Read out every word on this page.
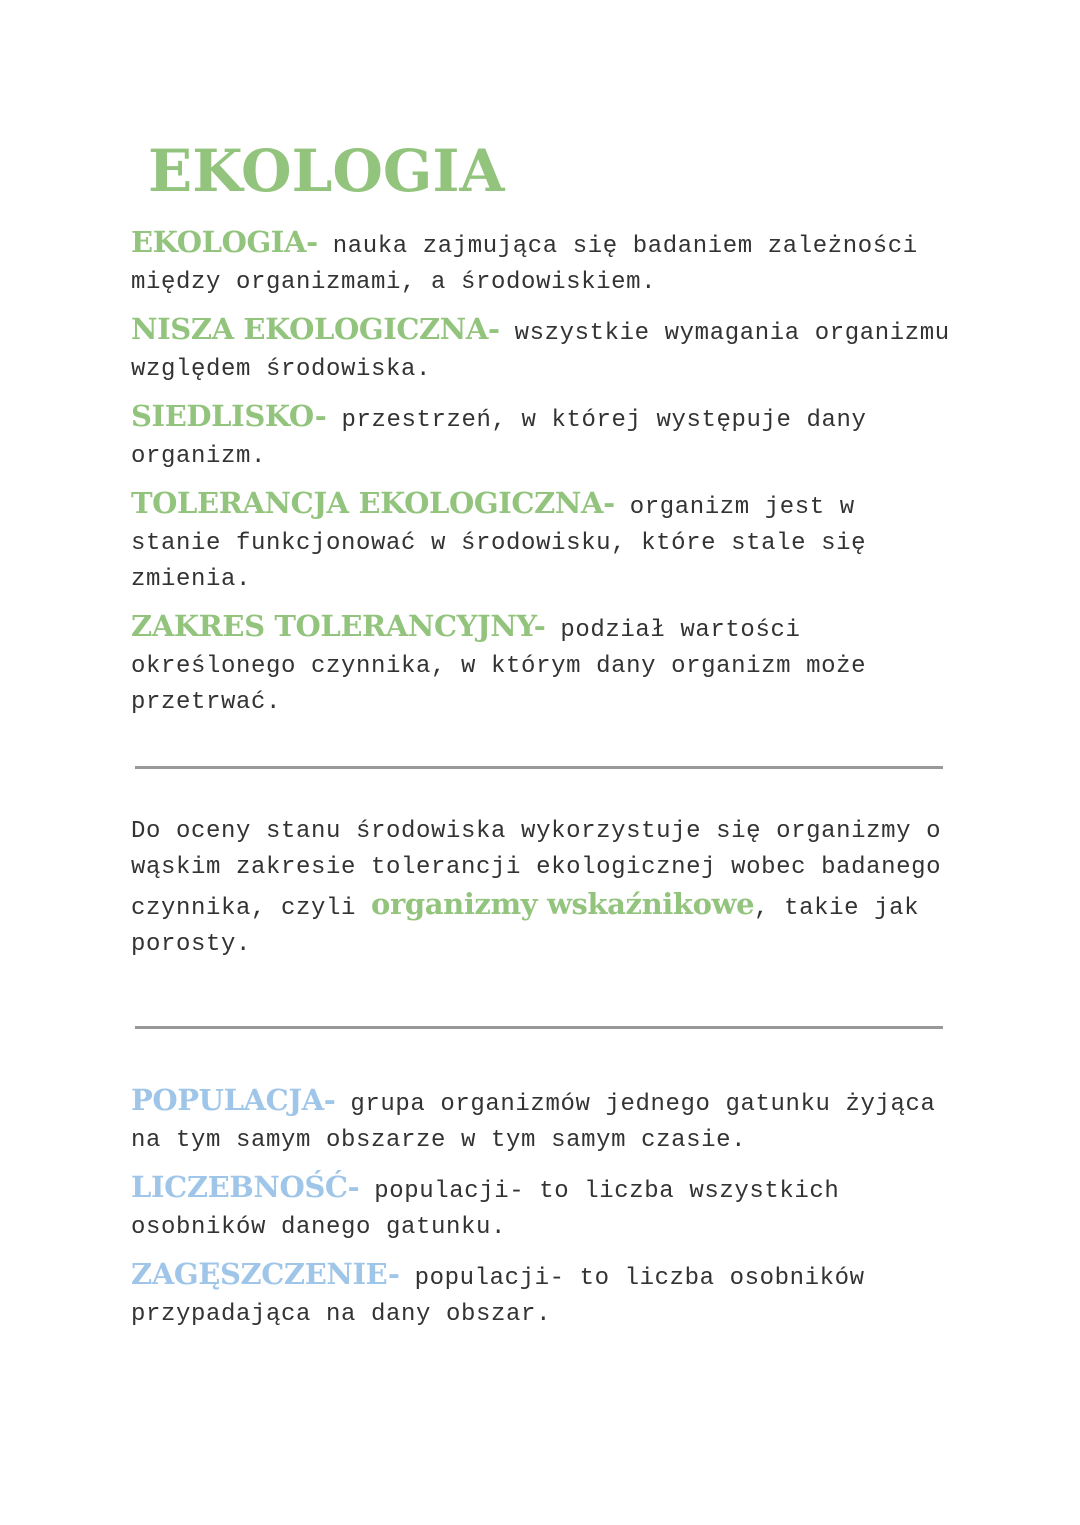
EKOLOGIA

EKOLOGIA- nauka zajmująca się badaniem zależności między organizmami, a środowiskiem.

NISZA EKOLOGICZNA- wszystkie wymagania organizmu względem środowiska.

SIEDLISKO- przestrzeń, w której występuje dany organizm.

TOLERANCJA EKOLOGICZNA- organizm jest w stanie funkcjonować w środowisku, które stale się zmienia.

ZAKRES TOLERANCYJNY- podział wartości określonego czynnika, w którym dany organizm może przetrwać.

Do oceny stanu środowiska wykorzystuje się organizmy o wąskim zakresie tolerancji ekologicznej wobec badanego czynnika, czyli organizmy wskaźnikowe, takie jak porosty.

POPULACJA- grupa organizmów jednego gatunku żyjąca na tym samym obszarze w tym samym czasie.

LICZEBNOŚĆ- populacji- to liczba wszystkich osobników danego gatunku.

ZAGĘSZCZENIE- populacji- to liczba osobników przypadająca na dany obszar.
